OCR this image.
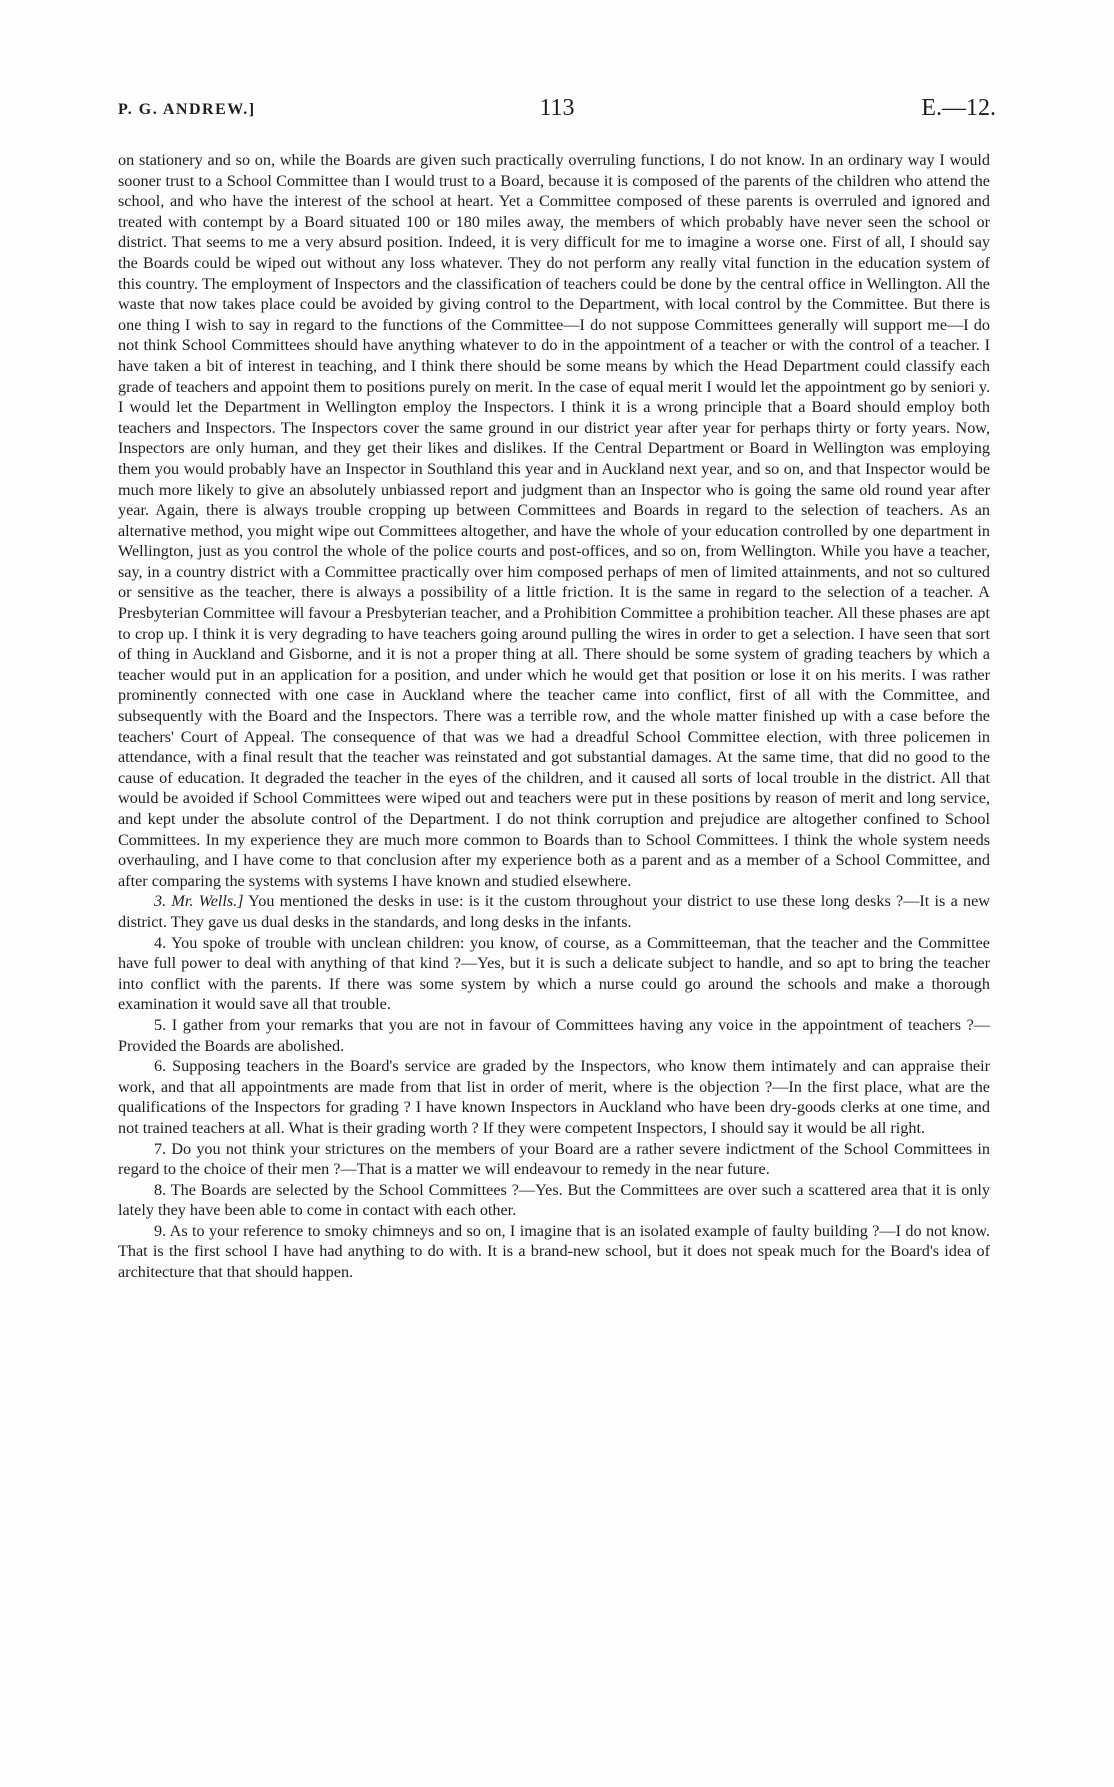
P. G. ANDREW.]	113	E.—12.

on stationery and so on, while the Boards are given such practically overruling functions, I do not know. In an ordinary way I would sooner trust to a School Committee than I would trust to a Board, because it is composed of the parents of the children who attend the school, and who have the interest of the school at heart. Yet a Committee composed of these parents is overruled and ignored and treated with contempt by a Board situated 100 or 180 miles away, the members of which probably have never seen the school or district. That seems to me a very absurd position. Indeed, it is very difficult for me to imagine a worse one. First of all, I should say the Boards could be wiped out without any loss whatever. They do not perform any really vital function in the education system of this country. The employment of Inspectors and the classification of teachers could be done by the central office in Wellington. All the waste that now takes place could be avoided by giving control to the Department, with local control by the Committee. But there is one thing I wish to say in regard to the functions of the Committee—I do not suppose Committees generally will support me—I do not think School Committees should have anything whatever to do in the appointment of a teacher or with the control of a teacher. I have taken a bit of interest in teaching, and I think there should be some means by which the Head Department could classify each grade of teachers and appoint them to positions purely on merit. In the case of equal merit I would let the appointment go by seniori y. I would let the Department in Wellington employ the Inspectors. I think it is a wrong principle that a Board should employ both teachers and Inspectors. The Inspectors cover the same ground in our district year after year for perhaps thirty or forty years. Now, Inspectors are only human, and they get their likes and dislikes. If the Central Department or Board in Wellington was employing them you would probably have an Inspector in Southland this year and in Auckland next year, and so on, and that Inspector would be much more likely to give an absolutely unbiassed report and judgment than an Inspector who is going the same old round year after year. Again, there is always trouble cropping up between Committees and Boards in regard to the selection of teachers. As an alternative method, you might wipe out Committees altogether, and have the whole of your education controlled by one department in Wellington, just as you control the whole of the police courts and post-offices, and so on, from Wellington. While you have a teacher, say, in a country district with a Committee practically over him composed perhaps of men of limited attainments, and not so cultured or sensitive as the teacher, there is always a possibility of a little friction. It is the same in regard to the selection of a teacher. A Presbyterian Committee will favour a Presbyterian teacher, and a Prohibition Committee a prohibition teacher. All these phases are apt to crop up. I think it is very degrading to have teachers going around pulling the wires in order to get a selection. I have seen that sort of thing in Auckland and Gisborne, and it is not a proper thing at all. There should be some system of grading teachers by which a teacher would put in an application for a position, and under which he would get that position or lose it on his merits. I was rather prominently connected with one case in Auckland where the teacher came into conflict, first of all with the Committee, and subsequently with the Board and the Inspectors. There was a terrible row, and the whole matter finished up with a case before the teachers' Court of Appeal. The consequence of that was we had a dreadful School Committee election, with three policemen in attendance, with a final result that the teacher was reinstated and got substantial damages. At the same time, that did no good to the cause of education. It degraded the teacher in the eyes of the children, and it caused all sorts of local trouble in the district. All that would be avoided if School Committees were wiped out and teachers were put in these positions by reason of merit and long service, and kept under the absolute control of the Department. I do not think corruption and prejudice are altogether confined to School Committees. In my experience they are much more common to Boards than to School Committees. I think the whole system needs overhauling, and I have come to that conclusion after my experience both as a parent and as a member of a School Committee, and after comparing the systems with systems I have known and studied elsewhere.

3. Mr. Wells.] You mentioned the desks in use: is it the custom throughout your district to use these long desks ?—It is a new district. They gave us dual desks in the standards, and long desks in the infants.

4. You spoke of trouble with unclean children: you know, of course, as a Committeeman, that the teacher and the Committee have full power to deal with anything of that kind ?—Yes, but it is such a delicate subject to handle, and so apt to bring the teacher into conflict with the parents. If there was some system by which a nurse could go around the schools and make a thorough examination it would save all that trouble.

5. I gather from your remarks that you are not in favour of Committees having any voice in the appointment of teachers ?—Provided the Boards are abolished.

6. Supposing teachers in the Board's service are graded by the Inspectors, who know them intimately and can appraise their work, and that all appointments are made from that list in order of merit, where is the objection ?—In the first place, what are the qualifications of the Inspectors for grading ? I have known Inspectors in Auckland who have been dry-goods clerks at one time, and not trained teachers at all. What is their grading worth ? If they were competent Inspectors, I should say it would be all right.

7. Do you not think your strictures on the members of your Board are a rather severe indictment of the School Committees in regard to the choice of their men ?—That is a matter we will endeavour to remedy in the near future.

8. The Boards are selected by the School Committees ?—Yes. But the Committees are over such a scattered area that it is only lately they have been able to come in contact with each other.

9. As to your reference to smoky chimneys and so on, I imagine that is an isolated example of faulty building ?—I do not know. That is the first school I have had anything to do with. It is a brand-new school, but it does not speak much for the Board's idea of architecture that that should happen.
